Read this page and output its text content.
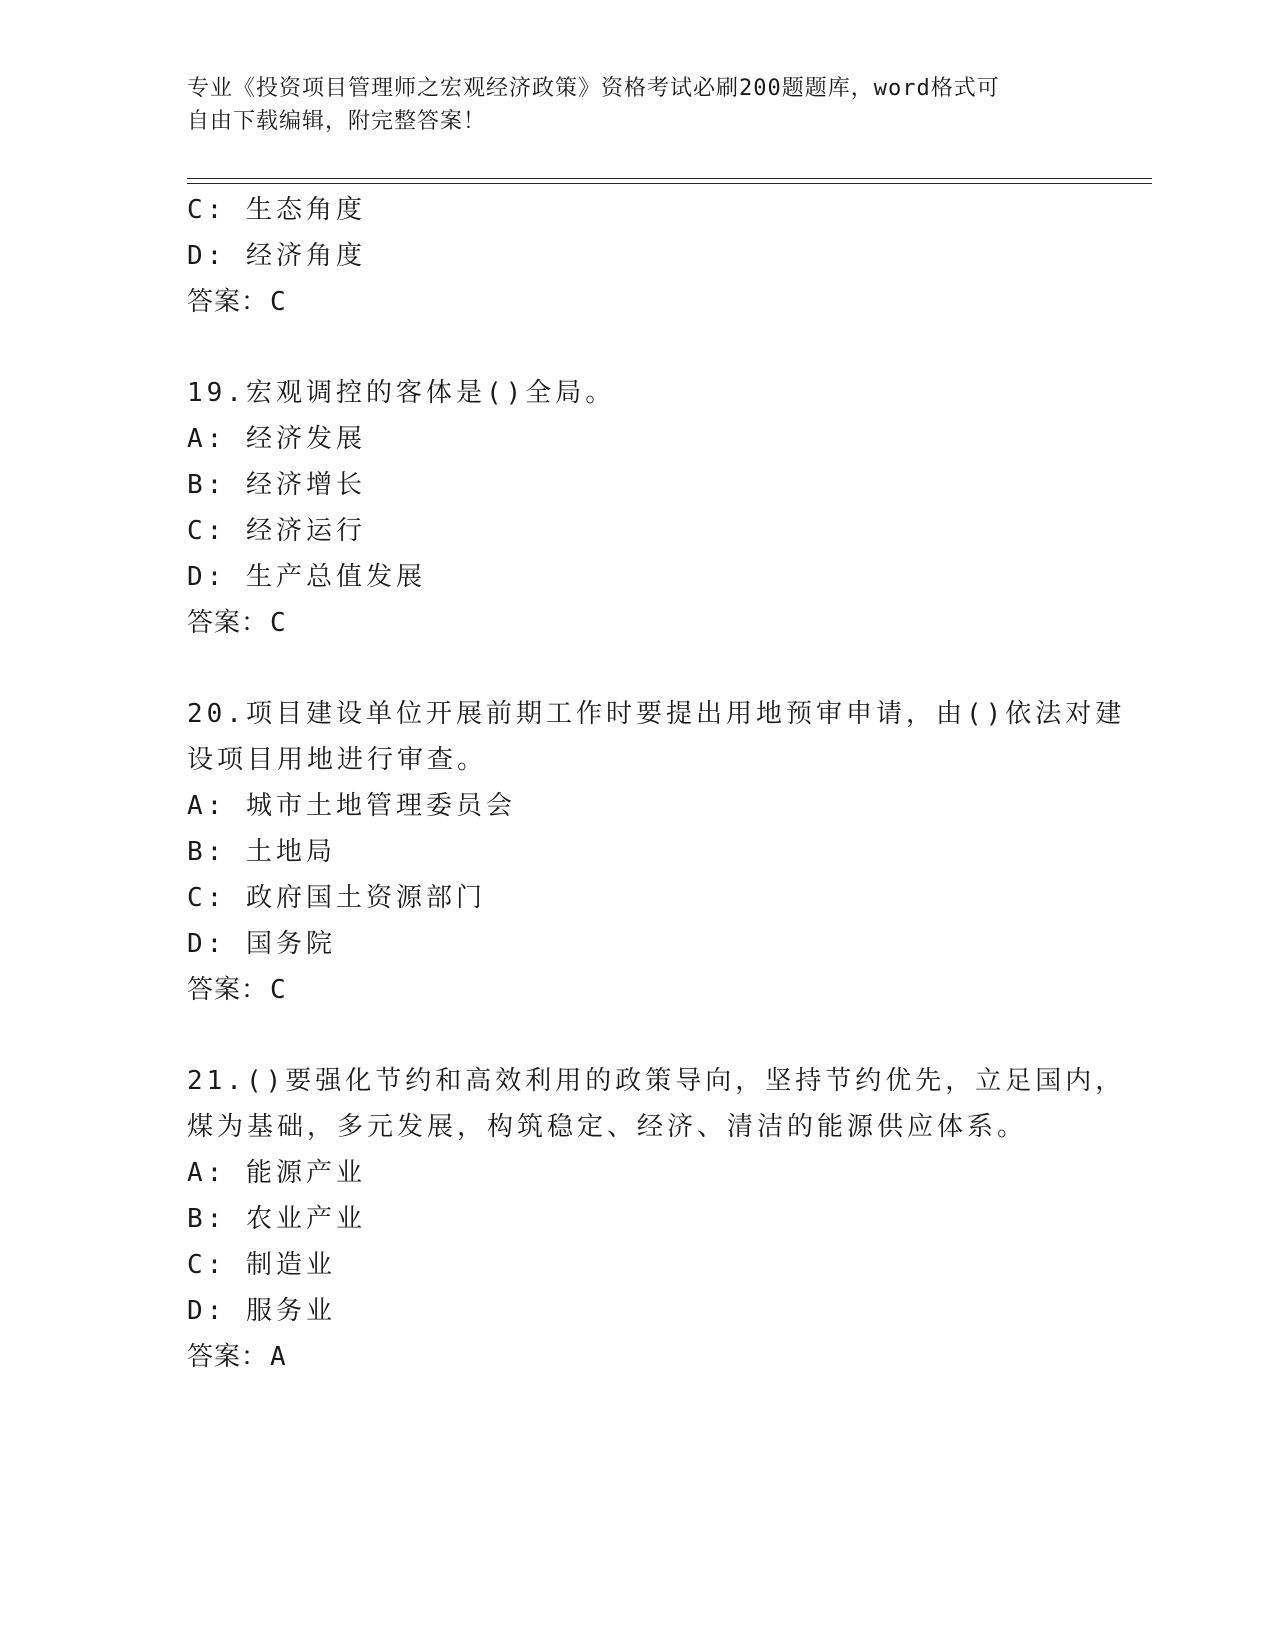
专业《投资项目管理师之宏观经济政策》资格考试必刷200题题库，word格式可
自由下载编辑，附完整答案！
C: 生态角度
D: 经济角度
答案：C
19.宏观调控的客体是()全局。
A: 经济发展
B: 经济增长
C: 经济运行
D: 生产总值发展
答案：C
20.项目建设单位开展前期工作时要提出用地预审申请，由()依法对建
设项目用地进行审查。
A: 城市土地管理委员会
B: 土地局
C: 政府国土资源部门
D: 国务院
答案：C
21.()要强化节约和高效利用的政策导向，坚持节约优先，立足国内，
煤为基础，多元发展，构筑稳定、经济、清洁的能源供应体系。
A: 能源产业
B: 农业产业
C: 制造业
D: 服务业
答案：A
